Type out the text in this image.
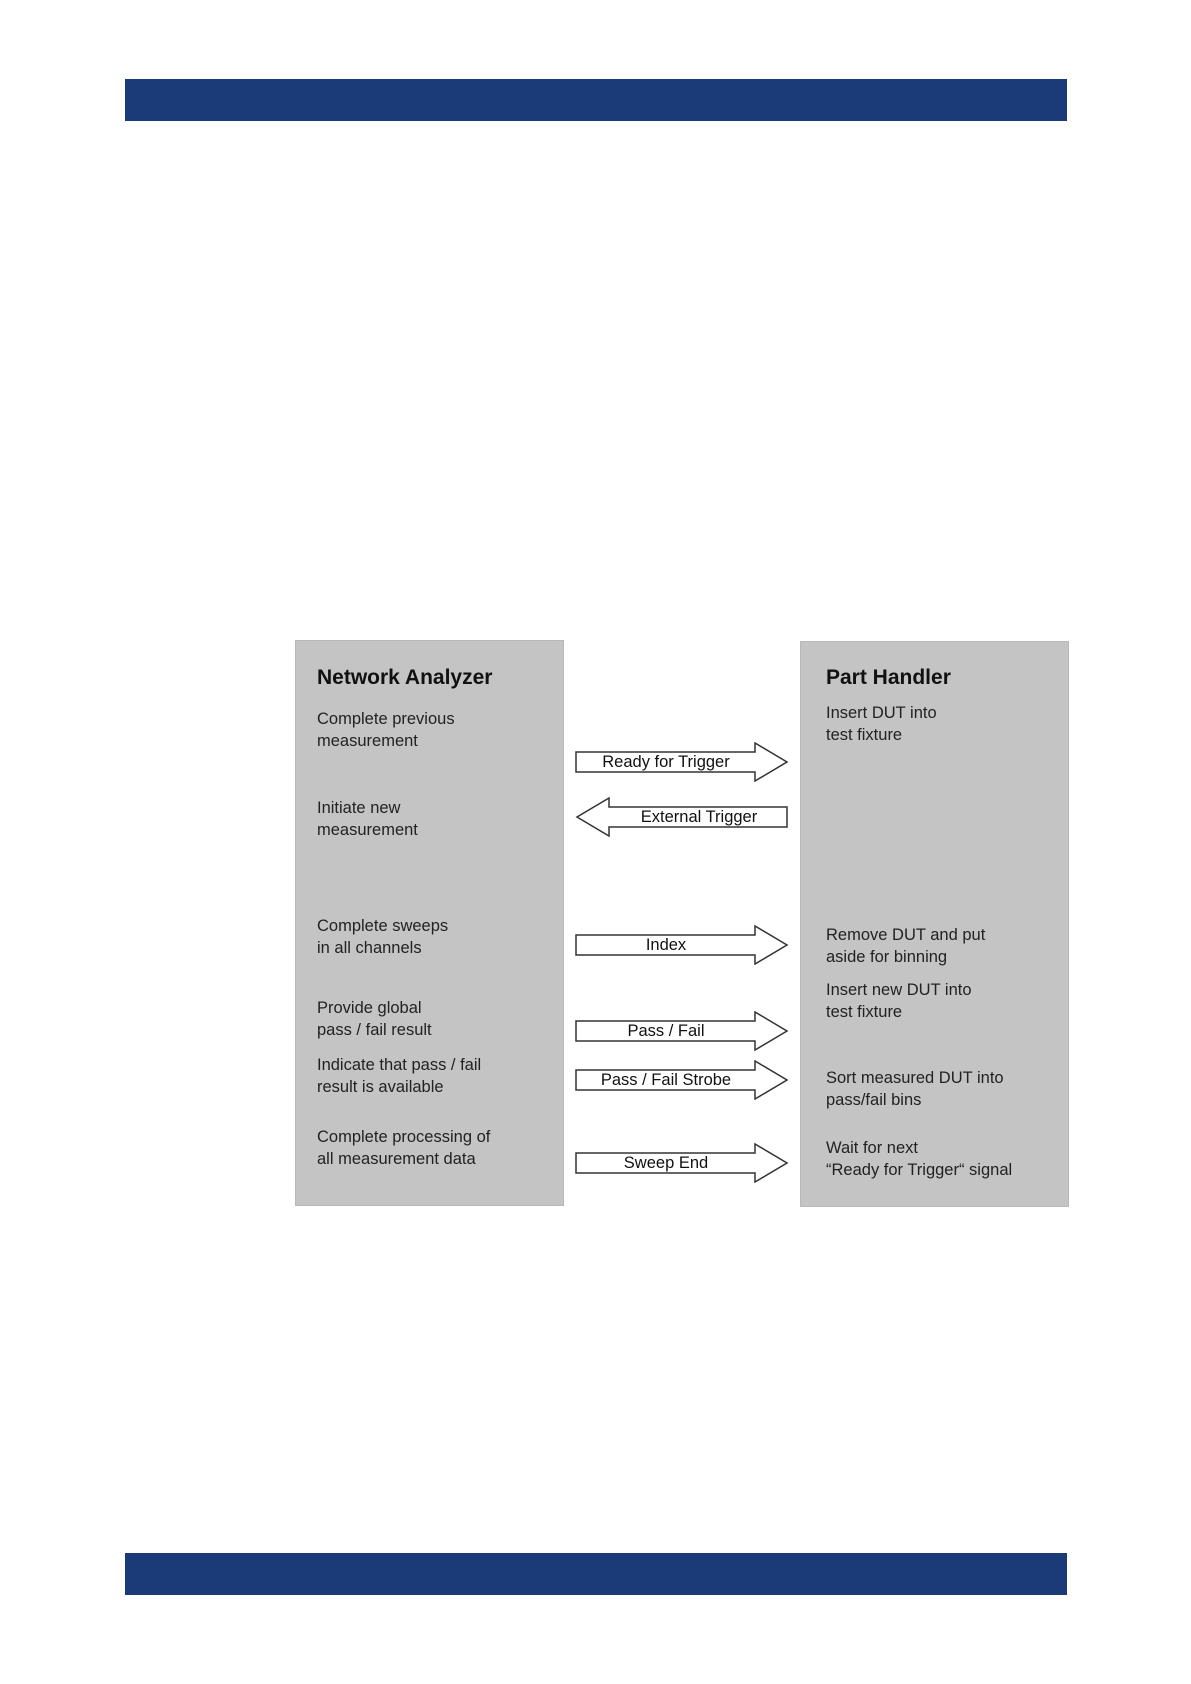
Network Analyzer
Complete previous
measurement
Initiate new
measurement
Complete sweeps
in all channels
Provide global
pass / fail result
Indicate that pass / fail
result is available
Complete processing of
all measurement data
Part Handler
Insert DUT into
test fixture
Remove DUT and put
aside for binning
Insert new DUT into
test fixture
Sort measured DUT into
pass/fail bins
Wait for next
“Ready for Trigger“ signal
Ready for Trigger
External Trigger
Index
Pass / Fail
Pass / Fail Strobe
Sweep End
